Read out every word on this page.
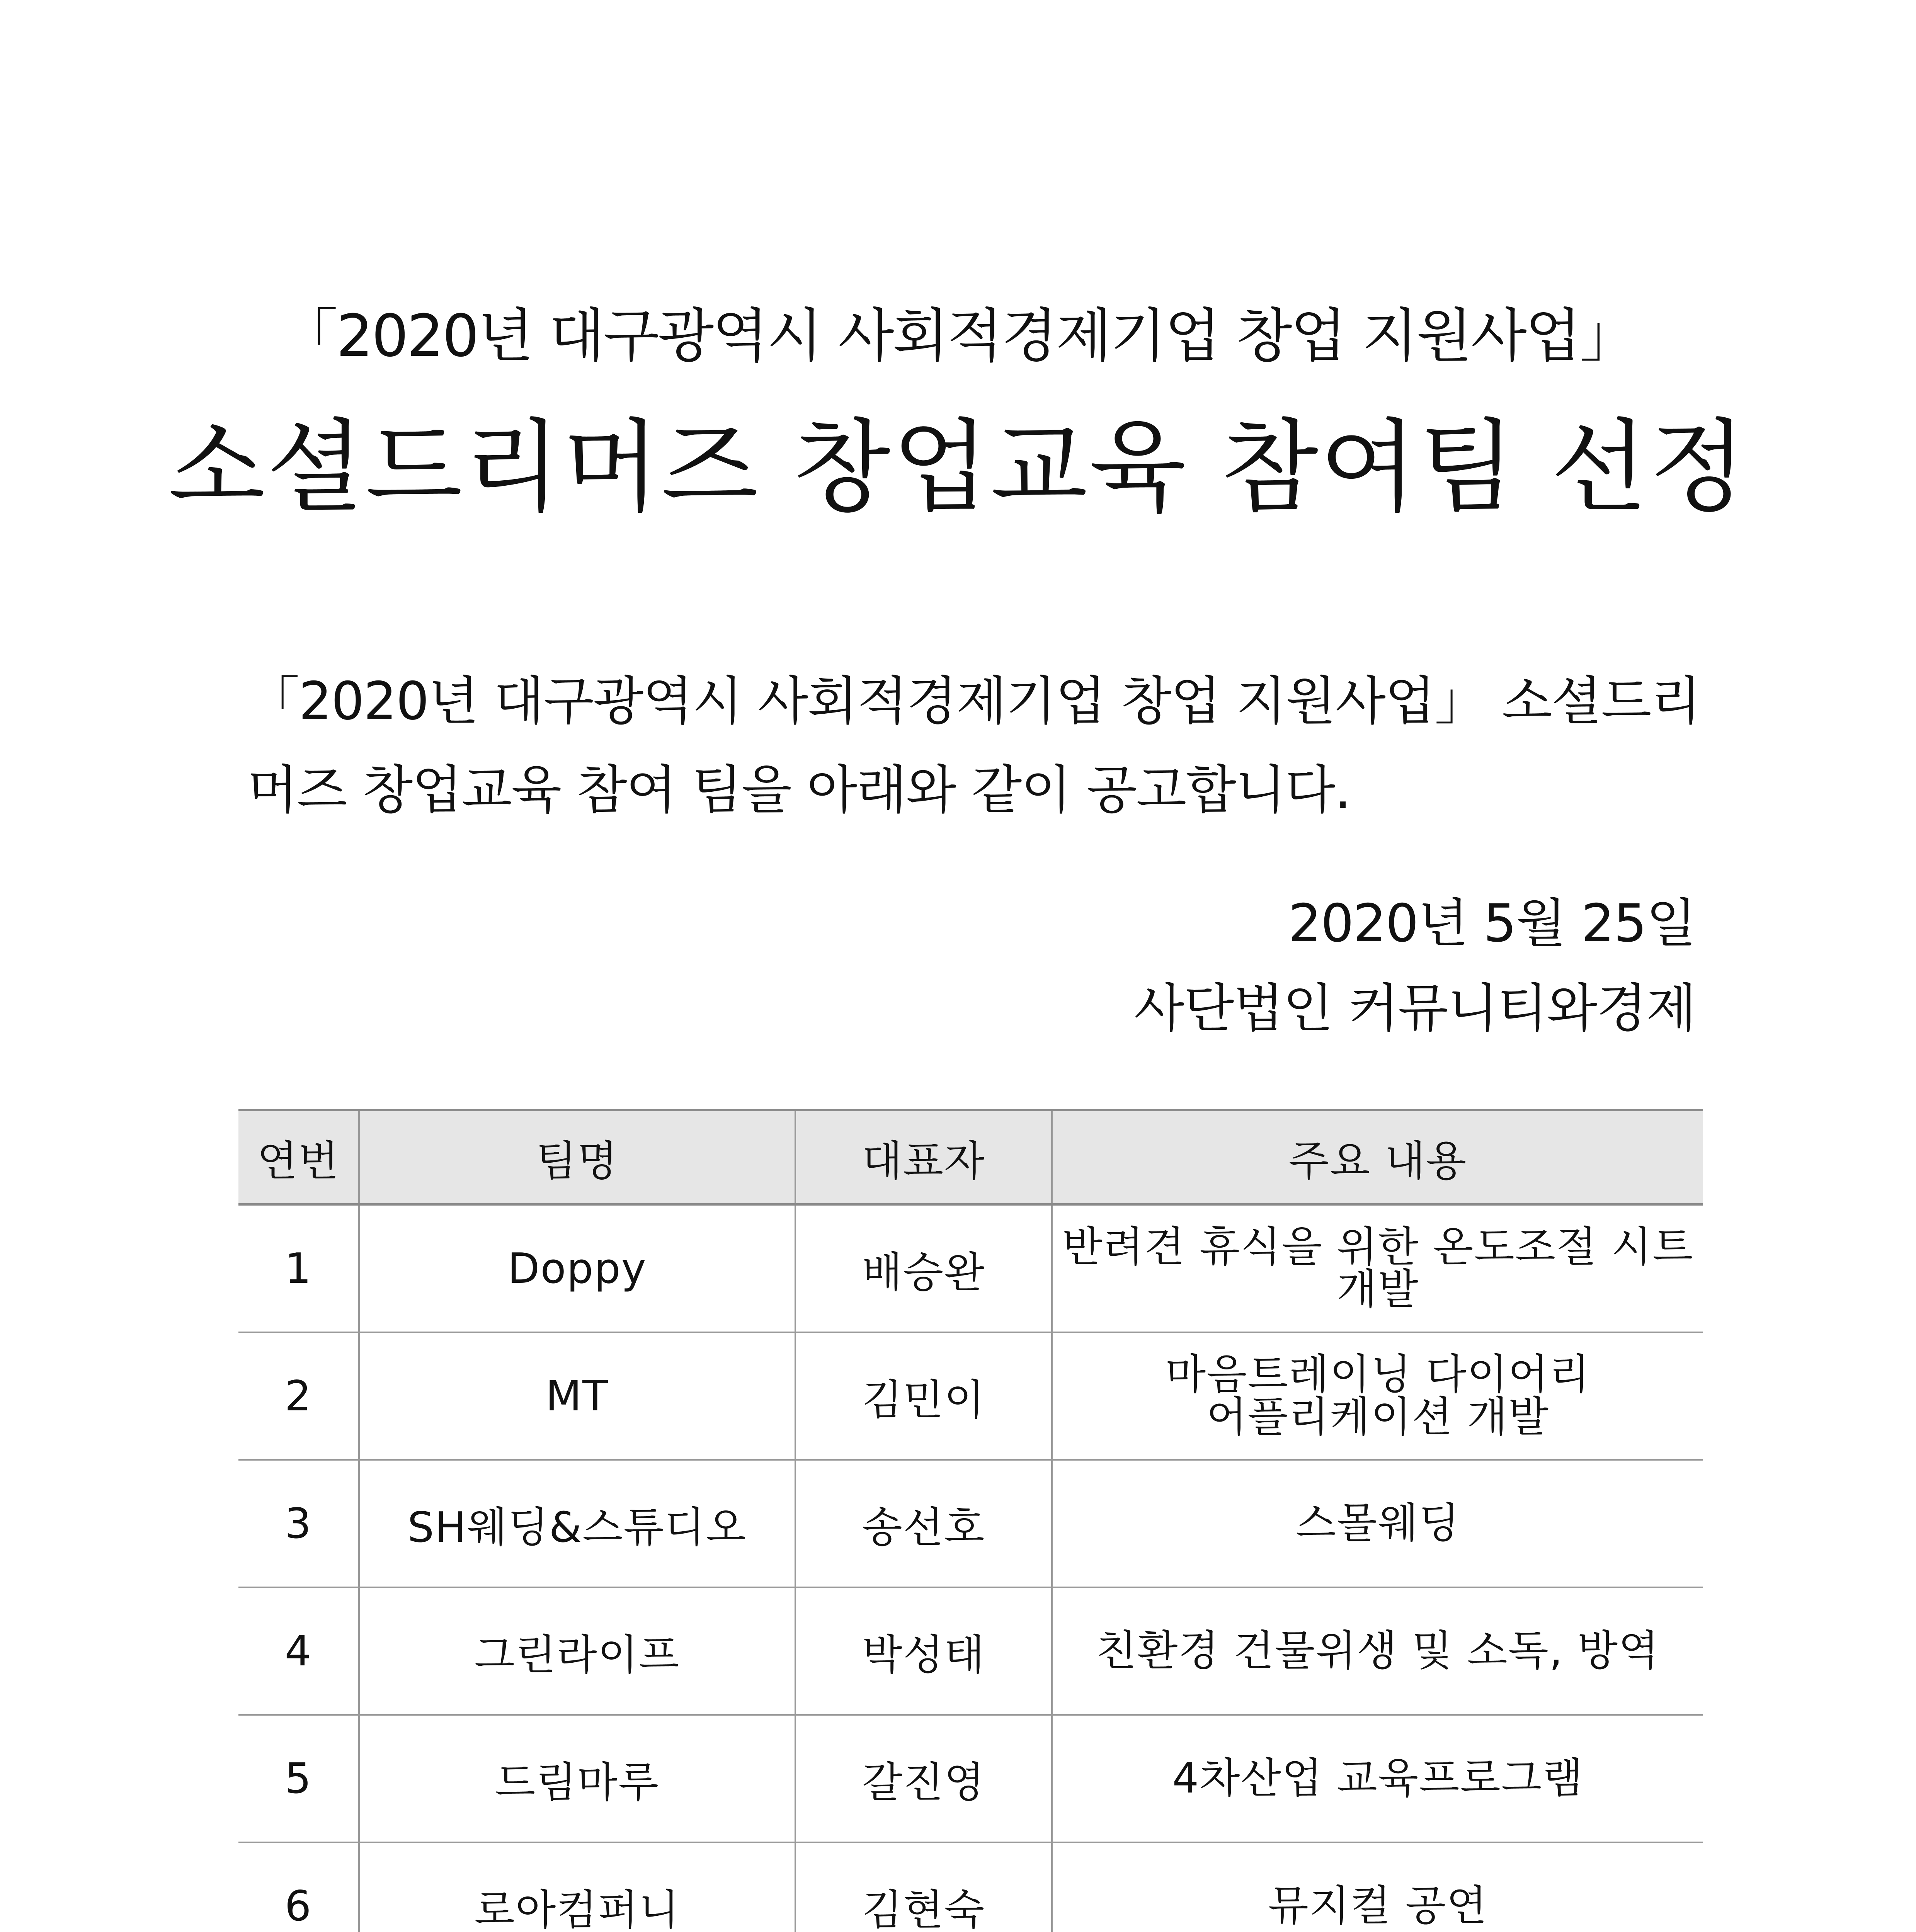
「2020년 대구광역시 사회적경제기업 창업 지원사업」
소셜드리머즈 창업교육 참여팀 선정
「2020년 대구광역시 사회적경제기업 창업 지원사업」 소셜드리머즈 창업교육 참여 팀을 아래와 같이 공고합니다.
2020년 5월 25일
사단법인 커뮤니티와경제
연번	팀명	대표자	주요 내용
1	Doppy	배승완	반려견 휴식을 위한 온도조절 시트개발

2	MT	김민이	마음트레이닝 다이어리
어플리케이션 개발

3	SH웨딩&스튜디오	송선호	스몰웨딩

4	그린라이프	박성태	친환경 건물위생 및 소독, 방역

5	드림마루	갈진영	4차산업 교육프로그램

6	로아컴퍼니	김현숙	뮤지컬 공연
